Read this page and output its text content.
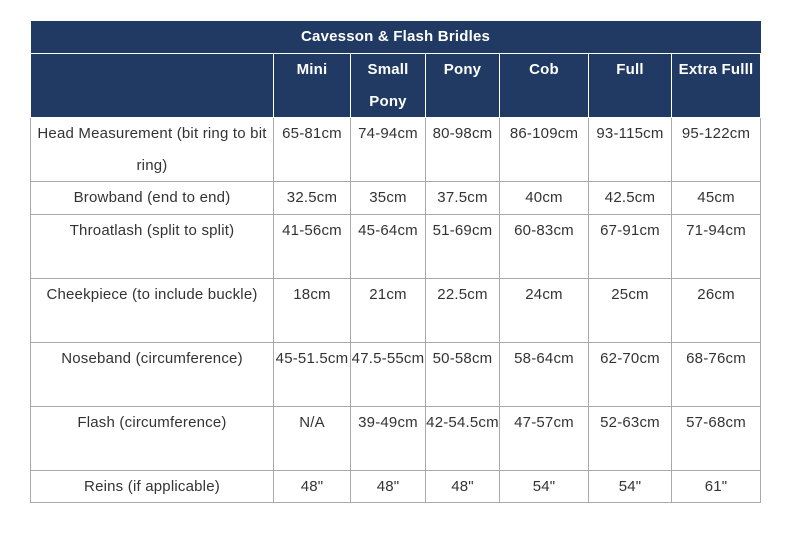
Cavesson & Flash Bridles						
	Mini	Small Pony	Pony	Cob	Full	Extra Fulll
Head Measurement (bit ring to bit ring)	65-81cm	74-94cm	80-98cm	86-109cm	93-115cm	95-122cm
Browband (end to end)	32.5cm	35cm	37.5cm	40cm	42.5cm	45cm
Throatlash (split to split)	41-56cm	45-64cm	51-69cm	60-83cm	67-91cm	71-94cm
Cheekpiece (to include buckle)	18cm	21cm	22.5cm	24cm	25cm	26cm
Noseband (circumference)	45-51.5cm	47.5-55cm	50-58cm	58-64cm	62-70cm	68-76cm
Flash (circumference)	N/A	39-49cm	42-54.5cm	47-57cm	52-63cm	57-68cm
Reins (if applicable)	48"	48"	48"	54"	54"	61"
